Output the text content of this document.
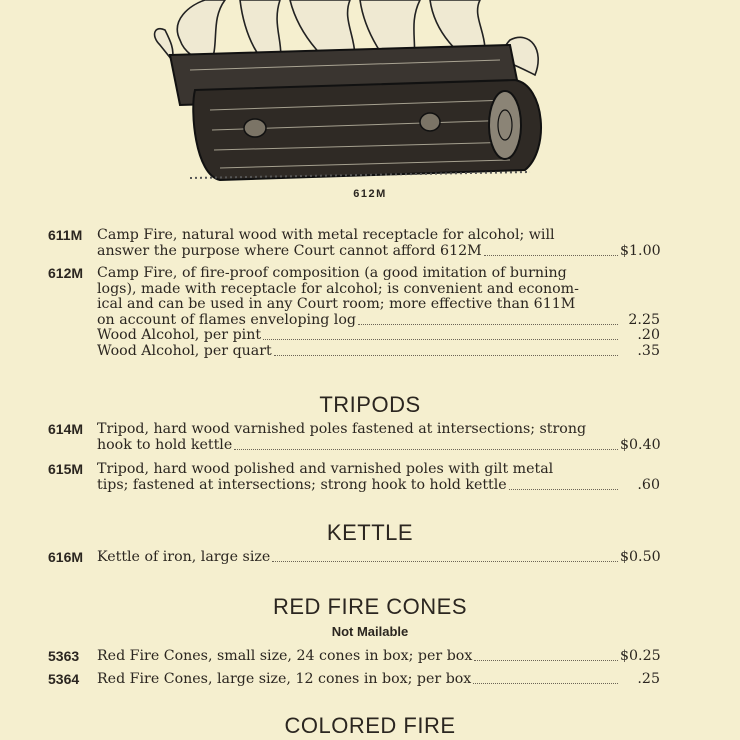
612M
611M Camp Fire, natural wood with metal receptacle for alcohol; will
answer the purpose where Court cannot afford 612M	$1.00
612M Camp Fire, of fire-proof composition (a good imitation of burning
logs), made with receptacle for alcohol; is convenient and econom-
ical and can be used in any Court room; more effective than 611M
on account of flames enveloping log	2.25
Wood Alcohol, per pint	.20
Wood Alcohol, per quart	.35
TRIPODS
614M Tripod, hard wood varnished poles fastened at intersections; strong
hook to hold kettle	$0.40
615M Tripod, hard wood polished and varnished poles with gilt metal
tips; fastened at intersections; strong hook to hold kettle	.60
KETTLE
616M Kettle of iron, large size	$0.50
RED FIRE CONES
Not Mailable
5363 Red Fire Cones, small size, 24 cones in box; per box	$0.25
5364 Red Fire Cones, large size, 12 cones in box; per box	.25
COLORED FIRE
